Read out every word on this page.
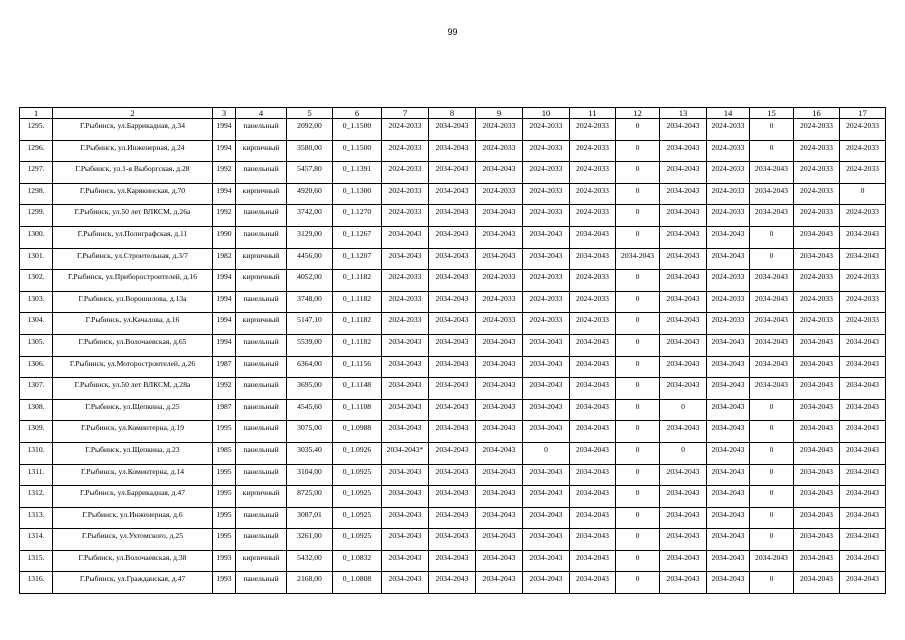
99
1	2	3	4	5	6	7	8	9	10	11	12	13	14	15	16	17
1295.	Г.Рыбинск, ул.Баррикадная, д.34	1994	панельный	2092,00	0_1.1500	2024-2033	2034-2043	2024-2033	2024-2033	2024-2033	0	2034-2043	2024-2033	0	2024-2033	2024-2033
1296.	Г.Рыбинск, ул.Инженерная, д.24	1994	кирпичный	3580,00	0_1.1500	2024-2033	2034-2043	2024-2033	2024-2033	2024-2033	0	2034-2043	2024-2033	0	2024-2033	2024-2033
1297.	Г.Рыбинск, ул.1-я Выборгская, д.28	1992	панельный	5457,80	0_1.1391	2024-2033	2034-2043	2034-2043	2024-2033	2024-2033	0	2034-2043	2024-2033	2034-2043	2024-2033	2024-2033
1298.	Г.Рыбинск, ул.Карякинская, д.70	1994	кирпичный	4920,60	0_1.1300	2024-2033	2034-2043	2024-2033	2024-2033	2024-2033	0	2034-2043	2024-2033	2034-2043	2024-2033	0
1299.	Г.Рыбинск, ул.50 лет ВЛКСМ, д.26а	1992	панельный	3742,00	0_1.1270	2024-2033	2034-2043	2034-2043	2024-2033	2024-2033	0	2034-2043	2024-2033	2034-2043	2024-2033	2024-2033
1300.	Г.Рыбинск, ул.Полиграфская, д.11	1990	панельный	3129,00	0_1.1267	2034-2043	2034-2043	2034-2043	2034-2043	2034-2043	0	2034-2043	2034-2043	0	2034-2043	2034-2043
1301.	Г.Рыбинск, ул.Строительная, д.3/7	1982	кирпичный	4456,00	0_1.1207	2034-2043	2034-2043	2034-2043	2034-2043	2034-2043	2034-2043	2034-2043	2034-2043	0	2034-2043	2034-2043
1302.	Г.Рыбинск, ул.Приборостроителей, д.16	1994	кирпичный	4052,00	0_1.1182	2024-2033	2034-2043	2024-2033	2024-2033	2024-2033	0	2034-2043	2024-2033	2034-2043	2024-2033	2024-2033
1303.	Г.Рыбинск, ул.Ворошилова, д.13а	1994	панельный	3748,00	0_1.1182	2024-2033	2034-2043	2024-2033	2024-2033	2024-2033	0	2034-2043	2024-2033	2034-2043	2024-2033	2024-2033
1304.	Г.Рыбинск, ул.Качалова, д.16	1994	кирпичный	5147,10	0_1.1182	2024-2033	2034-2043	2024-2033	2024-2033	2024-2033	0	2034-2043	2024-2033	2034-2043	2024-2033	2024-2033
1305.	Г.Рыбинск, ул.Волочаевская, д.65	1994	панельный	5539,00	0_1.1182	2034-2043	2034-2043	2034-2043	2034-2043	2034-2043	0	2034-2043	2034-2043	2034-2043	2034-2043	2034-2043
1306.	Г.Рыбинск, ул.Моторостроителей, д.26	1987	панельный	6364,00	0_1.1156	2034-2043	2034-2043	2034-2043	2034-2043	2034-2043	0	2034-2043	2034-2043	2034-2043	2034-2043	2034-2043
1307.	Г.Рыбинск, ул.50 лет ВЛКСМ, д.28а	1992	панельный	3695,00	0_1.1148	2034-2043	2034-2043	2034-2043	2034-2043	2034-2043	0	2034-2043	2034-2043	2034-2043	2034-2043	2034-2043
1308.	Г.Рыбинск, ул.Щепкина, д.25	1987	панельный	4545,60	0_1.1108	2034-2043	2034-2043	2034-2043	2034-2043	2034-2043	0	0	2034-2043	0	2034-2043	2034-2043
1309.	Г.Рыбинск, ул.Коминтерна, д.19	1995	панельный	3075,00	0_1.0988	2034-2043	2034-2043	2034-2043	2034-2043	2034-2043	0	2034-2043	2034-2043	0	2034-2043	2034-2043
1310.	Г.Рыбинск, ул.Щепкина, д.23	1985	панельный	3035,40	0_1.0926	2034-2043*	2034-2043	2034-2043	0	2034-2043	0	0	2034-2043	0	2034-2043	2034-2043
1311.	Г.Рыбинск, ул.Коминтерна, д.14	1995	панельный	3104,00	0_1.0925	2034-2043	2034-2043	2034-2043	2034-2043	2034-2043	0	2034-2043	2034-2043	0	2034-2043	2034-2043
1312.	Г.Рыбинск, ул.Баррикадная, д.47	1995	кирпичный	8725,00	0_1.0925	2034-2043	2034-2043	2034-2043	2034-2043	2034-2043	0	2034-2043	2034-2043	0	2034-2043	2034-2043
1313.	Г.Рыбинск, ул.Инженерная, д.6	1995	панельный	3087,01	0_1.0925	2034-2043	2034-2043	2034-2043	2034-2043	2034-2043	0	2034-2043	2034-2043	0	2034-2043	2034-2043
1314.	Г.Рыбинск, ул.Ухтомского, д.25	1995	панельный	3261,00	0_1.0925	2034-2043	2034-2043	2034-2043	2034-2043	2034-2043	0	2034-2043	2034-2043	0	2034-2043	2034-2043
1315.	Г.Рыбинск, ул.Волочаевская, д.38	1993	кирпичный	5432,00	0_1.0832	2034-2043	2034-2043	2034-2043	2034-2043	2034-2043	0	2034-2043	2034-2043	2034-2043	2034-2043	2034-2043
1316.	Г.Рыбинск, ул.Гражданская, д.47	1993	панельный	2168,00	0_1.0808	2034-2043	2034-2043	2034-2043	2034-2043	2034-2043	0	2034-2043	2034-2043	0	2034-2043	2034-2043
